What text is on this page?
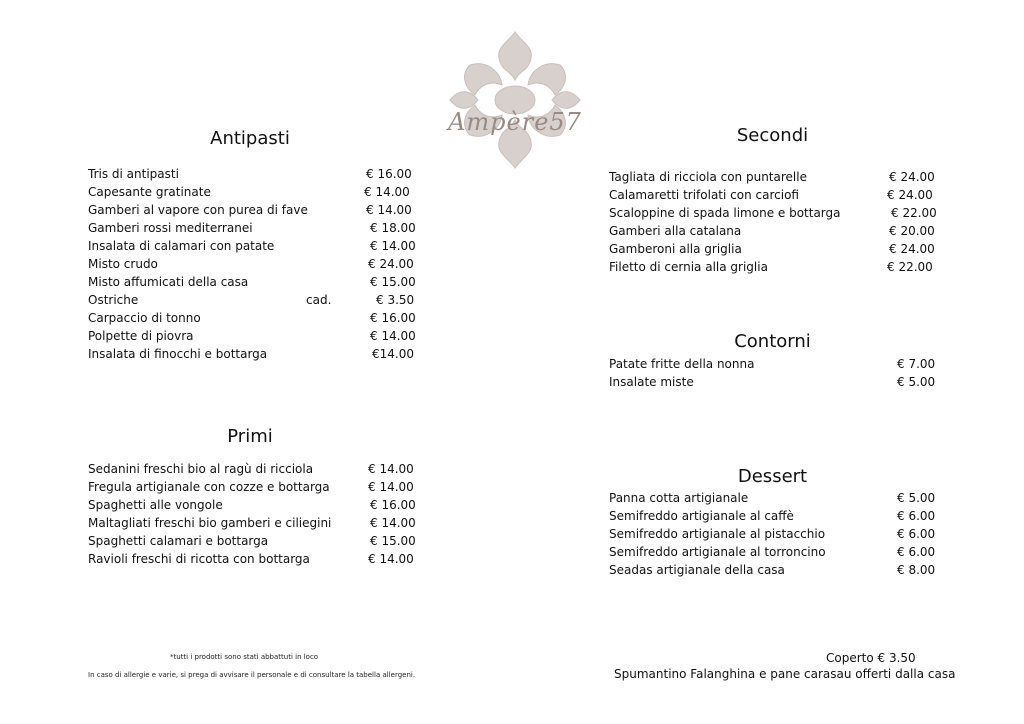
Ampère57
Antipasti
Tris di antipasti	€ 16.00
Capesante gratinate	€ 14.00
Gamberi al vapore con purea di fave	€ 14.00
Gamberi rossi mediterranei	€ 18.00
Insalata di calamari con patate	€ 14.00
Misto crudo	€ 24.00
Misto affumicati della casa	€ 15.00
Ostriche	cad.	€ 3.50
Carpaccio di tonno	€ 16.00
Polpette di piovra	€ 14.00
Insalata di finocchi e bottarga	€14.00
Primi
Sedanini freschi bio al ragù di ricciola	€ 14.00
Fregula artigianale con cozze e bottarga	€ 14.00
Spaghetti alle vongole	€ 16.00
Maltagliati freschi bio gamberi e ciliegini	€ 14.00
Spaghetti calamari e bottarga	€ 15.00
Ravioli freschi di ricotta con bottarga	€ 14.00
Secondi
Tagliata di ricciola con puntarelle	€ 24.00
Calamaretti trifolati con carciofi	€ 24.00
Scaloppine di spada limone e bottarga	€ 22.00
Gamberi alla catalana	€ 20.00
Gamberoni alla griglia	€ 24.00
Filetto di cernia alla griglia	€ 22.00
Contorni
Patate fritte della nonna	€ 7.00
Insalate miste	€ 5.00
Dessert
Panna cotta artigianale	€ 5.00
Semifreddo artigianale al caffè	€ 6.00
Semifreddo artigianale al pistacchio	€ 6.00
Semifreddo artigianale al torroncino	€ 6.00
Seadas artigianale della casa	€ 8.00
*tutti i prodotti sono stati abbattuti in loco
In caso di allergie e varie, si prega di avvisare il personale e di consultare la tabella allergeni.
Coperto € 3.50
Spumantino Falanghina e pane carasau offerti dalla casa
